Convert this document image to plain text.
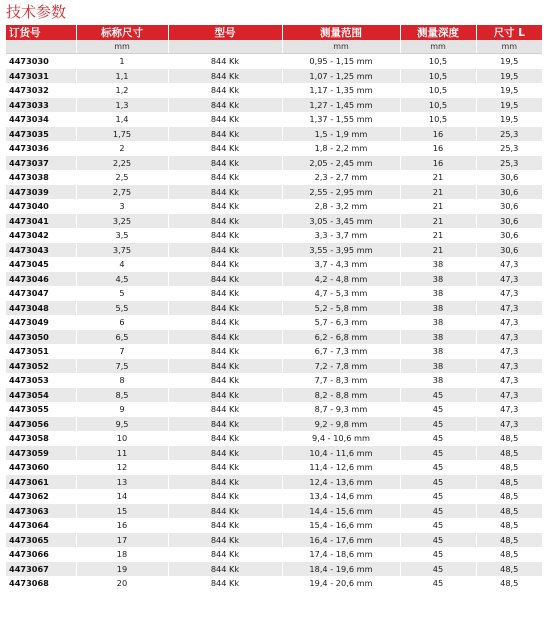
技术参数
订货号	标称尺寸	型号	测量范围	测量深度	尺寸 L
	mm		mm	mm	mm
4473030	1	844 Kk	0,95 - 1,15 mm	10,5	19,5
4473031	1,1	844 Kk	1,07 - 1,25 mm	10,5	19,5
4473032	1,2	844 Kk	1,17 - 1,35 mm	10,5	19,5
4473033	1,3	844 Kk	1,27 - 1,45 mm	10,5	19,5
4473034	1,4	844 Kk	1,37 - 1,55 mm	10,5	19,5
4473035	1,75	844 Kk	1,5 - 1,9 mm	16	25,3
4473036	2	844 Kk	1,8 - 2,2 mm	16	25,3
4473037	2,25	844 Kk	2,05 - 2,45 mm	16	25,3
4473038	2,5	844 Kk	2,3 - 2,7 mm	21	30,6
4473039	2,75	844 Kk	2,55 - 2,95 mm	21	30,6
4473040	3	844 Kk	2,8 - 3,2 mm	21	30,6
4473041	3,25	844 Kk	3,05 - 3,45 mm	21	30,6
4473042	3,5	844 Kk	3,3 - 3,7 mm	21	30,6
4473043	3,75	844 Kk	3,55 - 3,95 mm	21	30,6
4473045	4	844 Kk	3,7 - 4,3 mm	38	47,3
4473046	4,5	844 Kk	4,2 - 4,8 mm	38	47,3
4473047	5	844 Kk	4,7 - 5,3 mm	38	47,3
4473048	5,5	844 Kk	5,2 - 5,8 mm	38	47,3
4473049	6	844 Kk	5,7 - 6,3 mm	38	47,3
4473050	6,5	844 Kk	6,2 - 6,8 mm	38	47,3
4473051	7	844 Kk	6,7 - 7,3 mm	38	47,3
4473052	7,5	844 Kk	7,2 - 7,8 mm	38	47,3
4473053	8	844 Kk	7,7 - 8,3 mm	38	47,3
4473054	8,5	844 Kk	8,2 - 8,8 mm	45	47,3
4473055	9	844 Kk	8,7 - 9,3 mm	45	47,3
4473056	9,5	844 Kk	9,2 - 9,8 mm	45	47,3
4473058	10	844 Kk	9,4 - 10,6 mm	45	48,5
4473059	11	844 Kk	10,4 - 11,6 mm	45	48,5
4473060	12	844 Kk	11,4 - 12,6 mm	45	48,5
4473061	13	844 Kk	12,4 - 13,6 mm	45	48,5
4473062	14	844 Kk	13,4 - 14,6 mm	45	48,5
4473063	15	844 Kk	14,4 - 15,6 mm	45	48,5
4473064	16	844 Kk	15,4 - 16,6 mm	45	48,5
4473065	17	844 Kk	16,4 - 17,6 mm	45	48,5
4473066	18	844 Kk	17,4 - 18,6 mm	45	48,5
4473067	19	844 Kk	18,4 - 19,6 mm	45	48,5
4473068	20	844 Kk	19,4 - 20,6 mm	45	48,5
